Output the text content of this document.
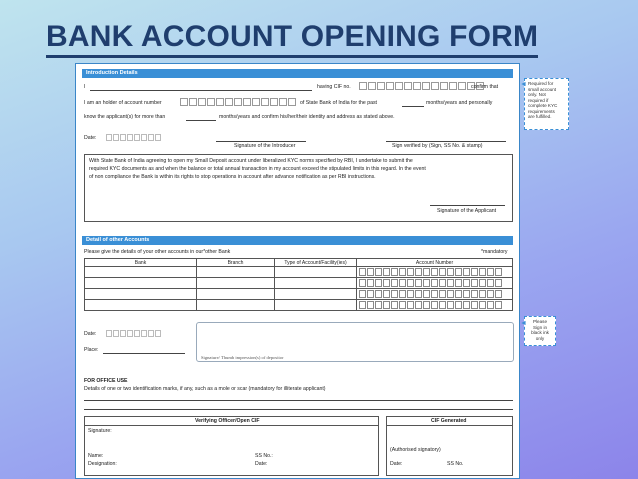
BANK ACCOUNT OPENING FORM
Introduction Details
I	having CIF no.	confirm that
I am an holder of account number	of State Bank of India for the past	months/years and personally
know the applicant(s) for more than	months/years and confirm his/her/their identity and address as stated above.
Date:
Signature of the Introducer	Sign verified by (Sign, SS No. & stamp)
With State Bank of India agreeing to open my Small Deposit account under liberalized KYC norms specified by RBI, I undertake to submit the
required KYC documents as and when the balance or total annual transaction in my account exceed the stipulated limits in this regard. In the event
of non compliance the Bank is within its rights to stop operations in account after advance notification as per RBI instructions.
Signature of the Applicant
Detail of other Accounts
Please give the details of your other accounts in our*other Bank	*mandatory
Bank	Branch	Type of Account/Facility(ies)	Account Number

Date:
Place:
Signature/ Thumb impression(s) of depositor
FOR OFFICE USE
Details of one or two identification marks, if any, such as a mole or scar (mandatory for illiterate applicant)
Verifying Officer/Open CIF
Signature:
Name:	SS No.:
Designation:	Date:
CIF Generated
(Authorised signatory)
Date:	SS No.
Required for
small account
only. Not
required if
complete KYC
requirements
are fulfilled.
◄
Please
Sign in
black ink
only
◄
